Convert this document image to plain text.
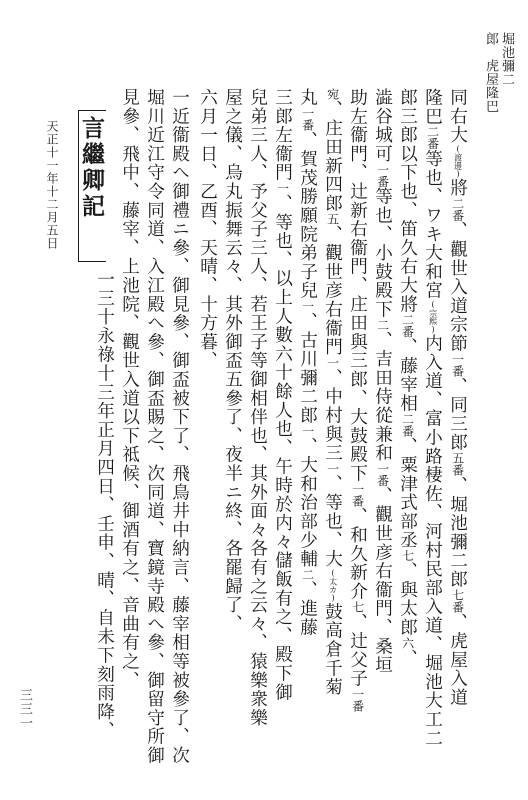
堀池彌二
郎　虎屋隆巴
同右大(渡邊)將二番、觀世入道宗節一番、同三郎五番、堀池彌二郎七番、虎屋入道
隆巴二番等也、ワキ大和宮(宗熙)内入道、富小路棲佐、河村民部入道、堀池大工二
郎三郎以下也、笛久右大將二番、藤宰相二番、粟津式部丞七、與太郎六、
澁谷城可一番等也、小鼓殿下二、吉田侍從兼和一番、觀世彦右衞門、桑垣
助左衞門、辻新右衞門、庄田與三郎、大鼓殿下一番、和久新介七、辻父子一番
宛、庄田新四郎五、觀世彦右衞門一、中村與三一、等也、大(太カ)鼓高倉千菊
丸一番、賀茂勝願院弟子兒一、古川彌二郎一、大和治部少輔二、進藤
三郎左衞門一、等也、以上人數六十餘人也、午時於内々儲飯有之、殿下御
兒弟三人、予父子三人、若王子等御相伴也、其外面々各有之云々、猿樂衆樂
屋之儀、烏丸振舞云々、其外御盃五參了、夜半ニ終、各罷歸了、
六月一日、乙酉、天晴、十方暮、
一近衞殿へ御禮ニ參、御見參、御盃被下了、飛鳥井中納言、藤宰相等被參了、次
堀川近江守令同道、入江殿へ參、御盃賜之、次同道、寶鏡寺殿へ參、御留守所御
見參、飛中、藤宰、上池院、觀世入道以下祗候、御酒有之、音曲有之、
一三十永祿十三年正月四日、壬申、晴、自未下刻雨降、
言繼卿記
天正十一年十二月五日
三三一
